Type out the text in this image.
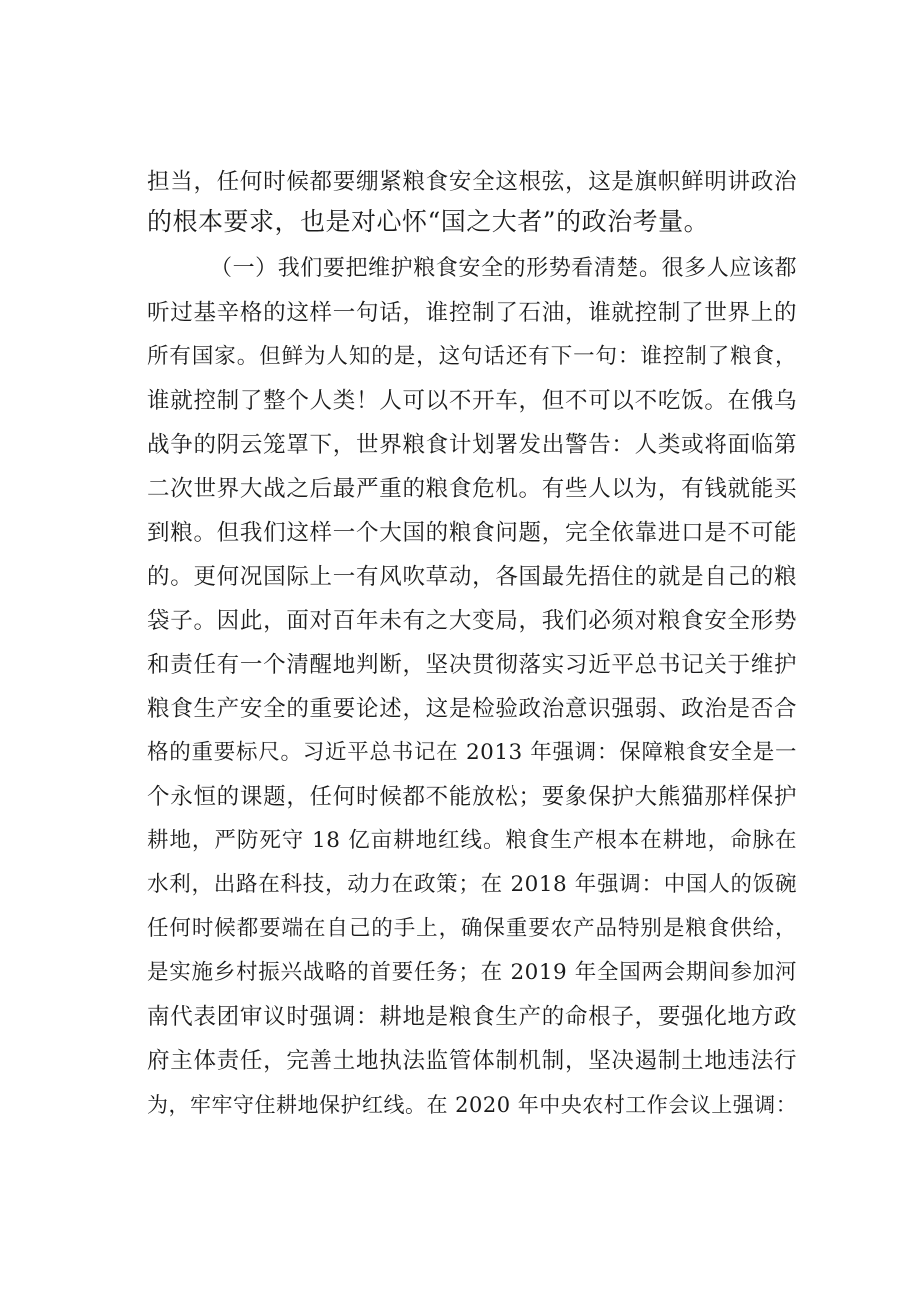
担当，任何时候都要绷紧粮食安全这根弦，这是旗帜鲜明讲政治
的根本要求，也是对心怀“国之大者”的政治考量。
（一）我们要把维护粮食安全的形势看清楚。很多人应该都
听过基辛格的这样一句话，谁控制了石油，谁就控制了世界上的
所有国家。但鲜为人知的是，这句话还有下一句：谁控制了粮食，
谁就控制了整个人类！人可以不开车，但不可以不吃饭。在俄乌
战争的阴云笼罩下，世界粮食计划署发出警告：人类或将面临第
二次世界大战之后最严重的粮食危机。有些人以为，有钱就能买
到粮。但我们这样一个大国的粮食问题，完全依靠进口是不可能
的。更何况国际上一有风吹草动，各国最先捂住的就是自己的粮
袋子。因此，面对百年未有之大变局，我们必须对粮食安全形势
和责任有一个清醒地判断，坚决贯彻落实习近平总书记关于维护
粮食生产安全的重要论述，这是检验政治意识强弱、政治是否合
格的重要标尺。习近平总书记在 2013 年强调：保障粮食安全是一
个永恒的课题，任何时候都不能放松；要象保护大熊猫那样保护
耕地，严防死守 18 亿亩耕地红线。粮食生产根本在耕地，命脉在
水利，出路在科技，动力在政策；在 2018 年强调：中国人的饭碗
任何时候都要端在自己的手上，确保重要农产品特别是粮食供给，
是实施乡村振兴战略的首要任务；在 2019 年全国两会期间参加河
南代表团审议时强调：耕地是粮食生产的命根子，要强化地方政
府主体责任，完善土地执法监管体制机制，坚决遏制土地违法行
为，牢牢守住耕地保护红线。在 2020 年中央农村工作会议上强调：
